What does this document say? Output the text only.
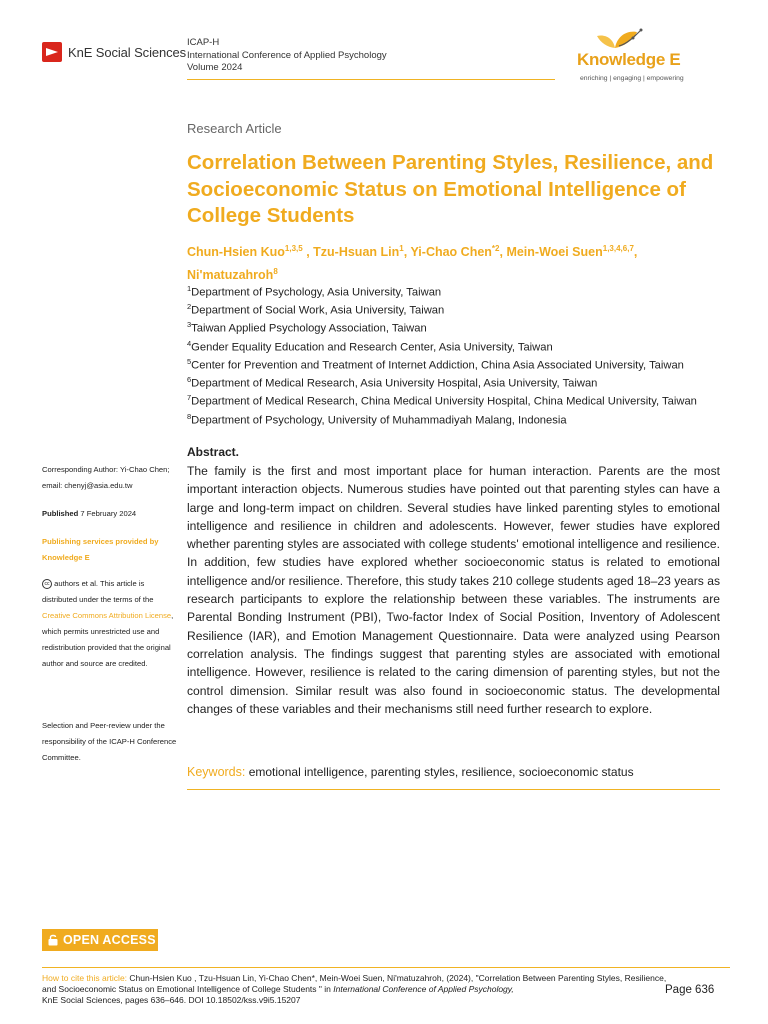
KnE Social Sciences
ICAP-H
International Conference of Applied Psychology
Volume 2024	Knowledge E
enriching | engaging | empowering
Research Article
Correlation Between Parenting Styles, Resilience, and Socioeconomic Status on Emotional Intelligence of College Students
Chun-Hsien Kuo$^{1,3,5}$ , Tzu-Hsuan Lin$^1$, Yi-Chao Chen$^{*2}$, Mein-Woei Suen$^{1,3,4,6,7}$,
Ni'matuzahroh$^8$
$^1$Department of Psychology, Asia University, Taiwan
$^2$Department of Social Work, Asia University, Taiwan
$^3$Taiwan Applied Psychology Association, Taiwan
$^4$Gender Equality Education and Research Center, Asia University, Taiwan
$^5$Center for Prevention and Treatment of Internet Addiction, China Asia Associated University, Taiwan
$^6$Department of Medical Research, Asia University Hospital, Asia University, Taiwan
$^7$Department of Medical Research, China Medical University Hospital, China Medical University, Taiwan
$^8$Department of Psychology, University of Muhammadiyah Malang, Indonesia
Abstract.
The family is the first and most important place for human interaction. Parents are the most important interaction objects. Numerous studies have pointed out that parenting styles can have a large and long-term impact on children. Several studies have linked parenting styles to emotional intelligence and resilience in children and adolescents. However, fewer studies have explored whether parenting styles are associated with college students' emotional intelligence and resilience. In addition, few studies have explored whether socioeconomic status is related to emotional intelligence and/or resilience. Therefore, this study takes 210 college students aged 18–23 years as research participants to explore the relationship between these variables. The instruments are Parental Bonding Instrument (PBI), Two-factor Index of Social Position, Inventory of Adolescent Resilience (IAR), and Emotion Management Questionnaire. Data were analyzed using Pearson correlation analysis. The findings suggest that parenting styles are associated with emotional intelligence. However, resilience is related to the caring dimension of parenting styles, but not the control dimension. Similar result was also found in socioeconomic status. The developmental changes of these variables and their mechanisms still need further research to explore.
Keywords: emotional intelligence, parenting styles, resilience, socioeconomic status
Corresponding Author: Yi-Chao Chen; email: chenyj@asia.edu.tw
Published 7 February 2024
Publishing services provided by Knowledge E
cc authors et al. This article is distributed under the terms of the Creative Commons Attribution License, which permits unrestricted use and redistribution provided that the original author and source are credited.
Selection and Peer-review under the responsibility of the ICAP-H Conference Committee.
OPEN ACCESS
How to cite this article: Chun-Hsien Kuo , Tzu-Hsuan Lin, Yi-Chao Chen*, Mein-Woei Suen, Ni'matuzahroh, (2024), "Correlation Between Parenting Styles, Resilience, and Socioeconomic Status on Emotional Intelligence of College Students " in International Conference of Applied Psychology,
KnE Social Sciences, pages 636–646. DOI 10.18502/kss.v9i5.15207
Page 636
